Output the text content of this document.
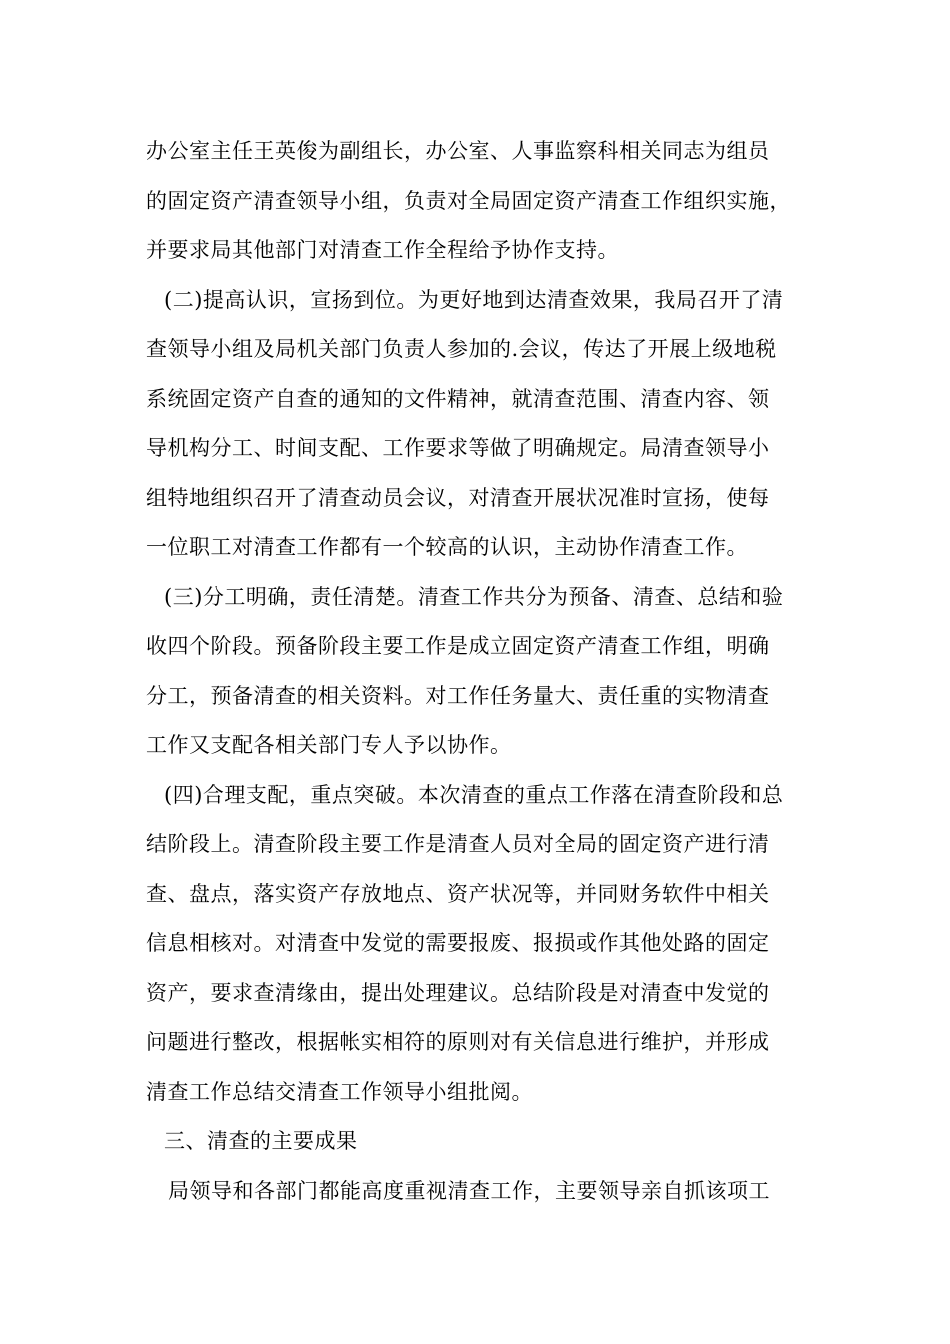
办公室主任王英俊为副组长，办公室、人事监察科相关同志为组员
的固定资产清查领导小组，负责对全局固定资产清查工作组织实施，
并要求局其他部门对清查工作全程给予协作支持。
(二)提高认识，宣扬到位。为更好地到达清查效果，我局召开了清
查领导小组及局机关部门负责人参加的.会议，传达了开展上级地税
系统固定资产自查的通知的文件精神，就清查范围、清查内容、领
导机构分工、时间支配、工作要求等做了明确规定。局清查领导小
组特地组织召开了清查动员会议，对清查开展状况准时宣扬，使每
一位职工对清查工作都有一个较高的认识，主动协作清查工作。
(三)分工明确，责任清楚。清查工作共分为预备、清查、总结和验
收四个阶段。预备阶段主要工作是成立固定资产清查工作组，明确
分工，预备清查的相关资料。对工作任务量大、责任重的实物清查
工作又支配各相关部门专人予以协作。
(四)合理支配，重点突破。本次清查的重点工作落在清查阶段和总
结阶段上。清查阶段主要工作是清查人员对全局的固定资产进行清
查、盘点，落实资产存放地点、资产状况等，并同财务软件中相关
信息相核对。对清查中发觉的需要报废、报损或作其他处路的固定
资产，要求查清缘由，提出处理建议。总结阶段是对清查中发觉的
问题进行整改，根据帐实相符的原则对有关信息进行维护，并形成
清查工作总结交清查工作领导小组批阅。
三、清查的主要成果
局领导和各部门都能高度重视清查工作，主要领导亲自抓该项工
